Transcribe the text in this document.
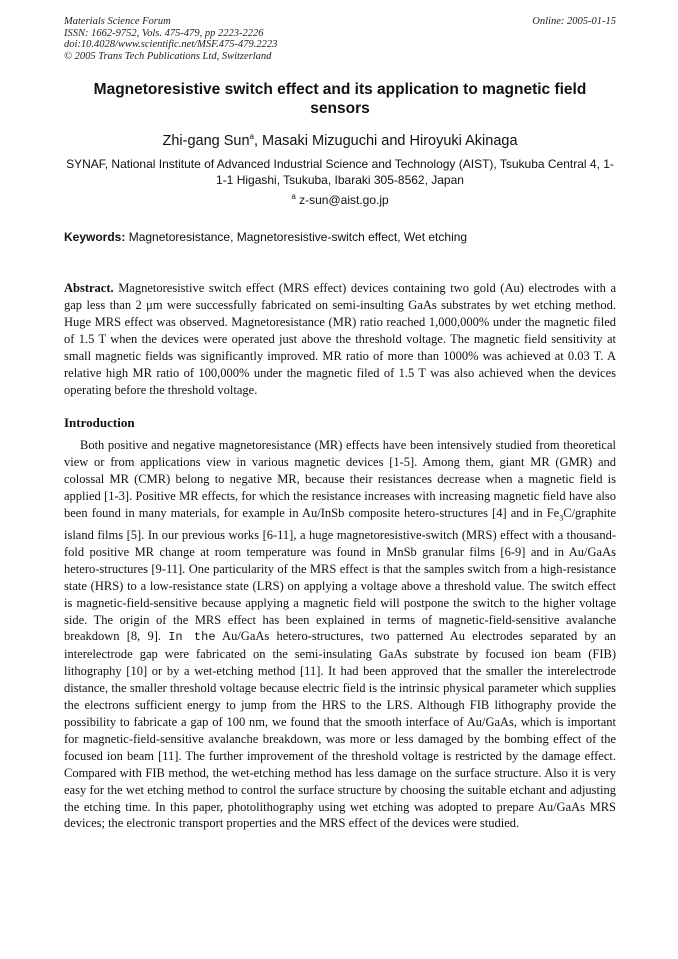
Materials Science Forum
ISSN: 1662-9752, Vols. 475-479, pp 2223-2226
doi:10.4028/www.scientific.net/MSF.475-479.2223
© 2005 Trans Tech Publications Ltd, Switzerland
Online: 2005-01-15
Magnetoresistive switch effect and its application to magnetic field sensors
Zhi-gang Sun$^a$, Masaki Mizuguchi and Hiroyuki Akinaga
SYNAF, National Institute of Advanced Industrial Science and Technology (AIST), Tsukuba Central 4, 1-1-1 Higashi, Tsukuba, Ibaraki 305-8562, Japan
$^a$ z-sun@aist.go.jp
Keywords: Magnetoresistance, Magnetoresistive-switch effect, Wet etching
Abstract. Magnetoresistive switch effect (MRS effect) devices containing two gold (Au) electrodes with a gap less than 2 μm were successfully fabricated on semi-insulting GaAs substrates by wet etching method. Huge MRS effect was observed. Magnetoresistance (MR) ratio reached 1,000,000% under the magnetic filed of 1.5 T when the devices were operated just above the threshold voltage. The magnetic field sensitivity at small magnetic fields was significantly improved. MR ratio of more than 1000% was achieved at 0.03 T. A relative high MR ratio of 100,000% under the magnetic filed of 1.5 T was also achieved when the devices operating before the threshold voltage.
Introduction
Both positive and negative magnetoresistance (MR) effects have been intensively studied from theoretical view or from applications view in various magnetic devices [1-5]. Among them, giant MR (GMR) and colossal MR (CMR) belong to negative MR, because their resistances decrease when a magnetic field is applied [1-3]. Positive MR effects, for which the resistance increases with increasing magnetic field have also been found in many materials, for example in Au/InSb composite hetero-structures [4] and in $Fe_3C$/graphite island films [5]. In our previous works [6-11], a huge magnetoresistive-switch (MRS) effect with a thousand-fold positive MR change at room temperature was found in MnSb granular films [6-9] and in Au/GaAs hetero-structures [9-11]. One particularity of the MRS effect is that the samples switch from a high-resistance state (HRS) to a low-resistance state (LRS) on applying a voltage above a threshold value. The switch effect is magnetic-field-sensitive because applying a magnetic field will postpone the switch to the higher voltage side. The origin of the MRS effect has been explained in terms of magnetic-field-sensitive avalanche breakdown [8, 9]. In the Au/GaAs hetero-structures, two patterned Au electrodes separated by an interelectrode gap were fabricated on the semi-insulating GaAs substrate by focused ion beam (FIB) lithography [10] or by a wet-etching method [11]. It had been approved that the smaller the interelectrode distance, the smaller threshold voltage because electric field is the intrinsic physical parameter which supplies the electrons sufficient energy to jump from the HRS to the LRS. Although FIB lithography provide the possibility to fabricate a gap of 100 nm, we found that the smooth interface of Au/GaAs, which is important for magnetic-field-sensitive avalanche breakdown, was more or less damaged by the bombing effect of the focused ion beam [11]. The further improvement of the threshold voltage is restricted by the damage effect. Compared with FIB method, the wet-etching method has less damage on the surface structure. Also it is very easy for the wet etching method to control the surface structure by choosing the suitable etchant and adjusting the etching time. In this paper, photolithography using wet etching was adopted to prepare Au/GaAs MRS devices; the electronic transport properties and the MRS effect of the devices were studied.
